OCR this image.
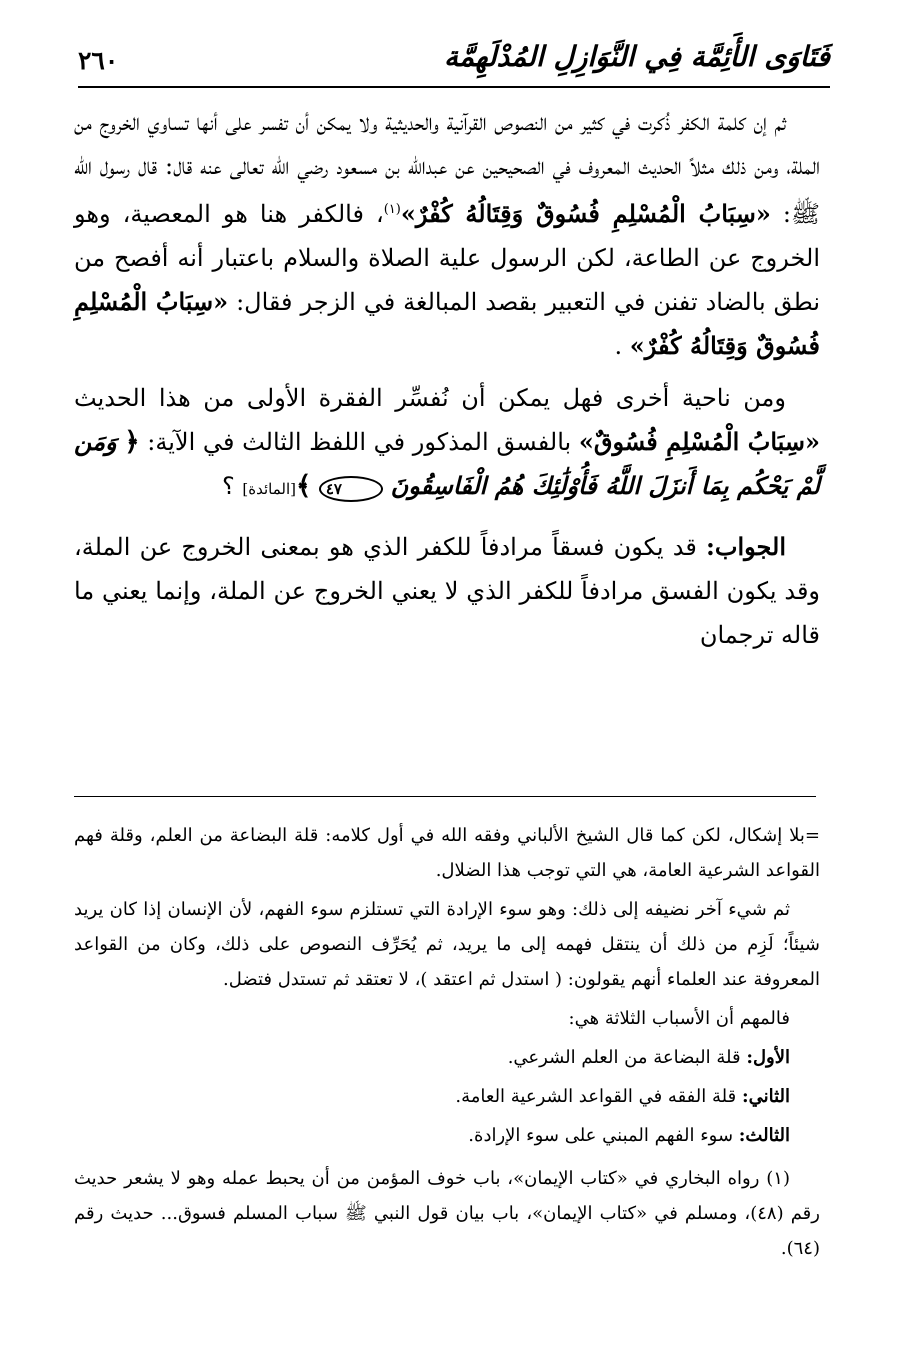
فَتَاوَى الأَئِمَّة فِي النَّوَازِلِ المُدْلَهِمَّة
٢٦٠

ثم إن كلمة الكفر ذُكرت في كثير من النصوص القرآنية والحديثية ولا يمكن أن تفسر على أنها تساوي الخروج من الملة، ومن ذلك مثلاً الحديث المعروف في الصحيحين عن عبدالله بن مسعود رضي الله تعالى عنه قال: قال رسول الله ﷺ: «سِبَابُ الْمُسْلِمِ فُسُوقٌ وَقِتَالُهُ كُفْرٌ»$^{(١)}$، فالكفر هنا هو المعصية، وهو الخروج عن الطاعة، لكن الرسول علية الصلاة والسلام باعتبار أنه أفصح من نطق بالضاد تفنن في التعبير بقصد المبالغة في الزجر فقال: «سِبَابُ الْمُسْلِمِ فُسُوقٌ وَقِتَالُهُ كُفْرٌ» .

ومن ناحية أخرى فهل يمكن أن نُفسِّر الفقرة الأولى من هذا الحديث «سِبَابُ الْمُسْلِمِ فُسُوقٌ» بالفسق المذكور في اللفظ الثالث في الآية: ﴿ وَمَن لَّمْ يَحْكُم بِمَا أَنزَلَ اللَّهُ فَأُوْلَٰئِكَ هُمُ الْفَاسِقُونَ ٤٧ ﴾[المائدة] ؟

الجواب: قد يكون فسقاً مرادفاً للكفر الذي هو بمعنى الخروج عن الملة، وقد يكون الفسق مرادفاً للكفر الذي لا يعني الخروج عن الملة، وإنما يعني ما قاله ترجمان

=بلا إشكال، لكن كما قال الشيخ الألباني وفقه الله في أول كلامه: قلة البضاعة من العلم، وقلة فهم القواعد الشرعية العامة، هي التي توجب هذا الضلال.

ثم شيء آخر نضيفه إلى ذلك: وهو سوء الإرادة التي تستلزم سوء الفهم، لأن الإنسان إذا كان يريد شيئاً؛ لَزِم من ذلك أن ينتقل فهمه إلى ما يريد، ثم يُحَرِّف النصوص على ذلك، وكان من القواعد المعروفة عند العلماء أنهم يقولون: ( استدل ثم اعتقد )، لا تعتقد ثم تستدل فتضل.

فالمهم أن الأسباب الثلاثة هي:

الأول: قلة البضاعة من العلم الشرعي.

الثاني: قلة الفقه في القواعد الشرعية العامة.

الثالث: سوء الفهم المبني على سوء الإرادة.

(١) رواه البخاري في «كتاب الإيمان»، باب خوف المؤمن من أن يحبط عمله وهو لا يشعر حديث رقم (٤٨)، ومسلم في «كتاب الإيمان»، باب بيان قول النبي ﷺ سباب المسلم فسوق... حديث رقم (٦٤).
